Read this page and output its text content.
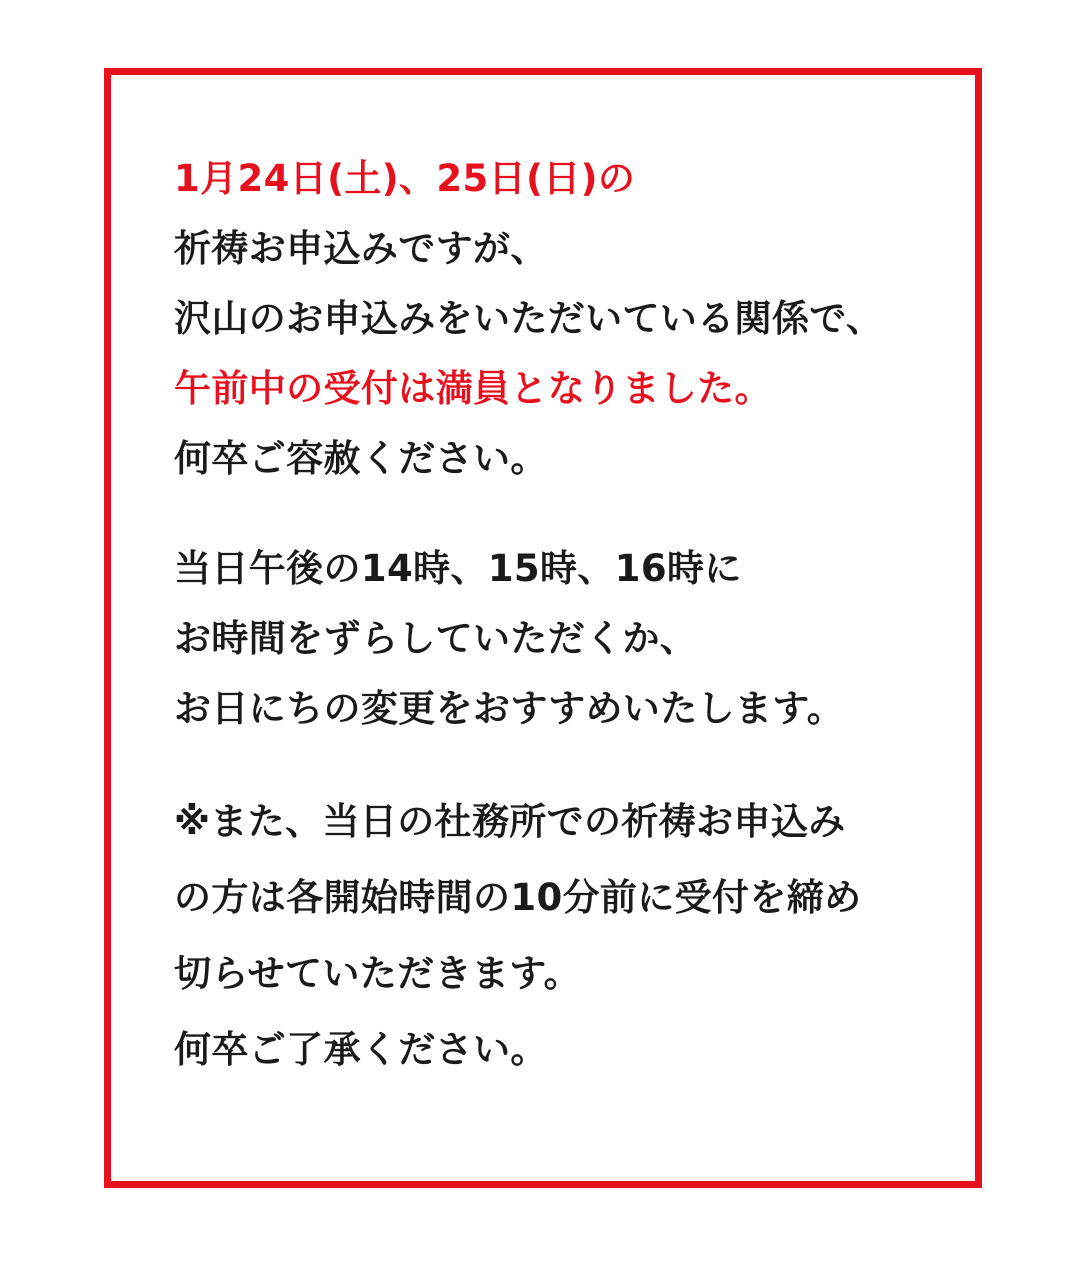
1月24日(土)、25日(日)の
祈祷お申込みですが、
沢山のお申込みをいただいている関係で、
午前中の受付は満員となりました。
何卒ご容赦ください。
当日午後の14時、15時、16時に
お時間をずらしていただくか、
お日にちの変更をおすすめいたします。
※また、当日の社務所での祈祷お申込み
の方は各開始時間の10分前に受付を締め
切らせていただきます。
何卒ご了承ください。
